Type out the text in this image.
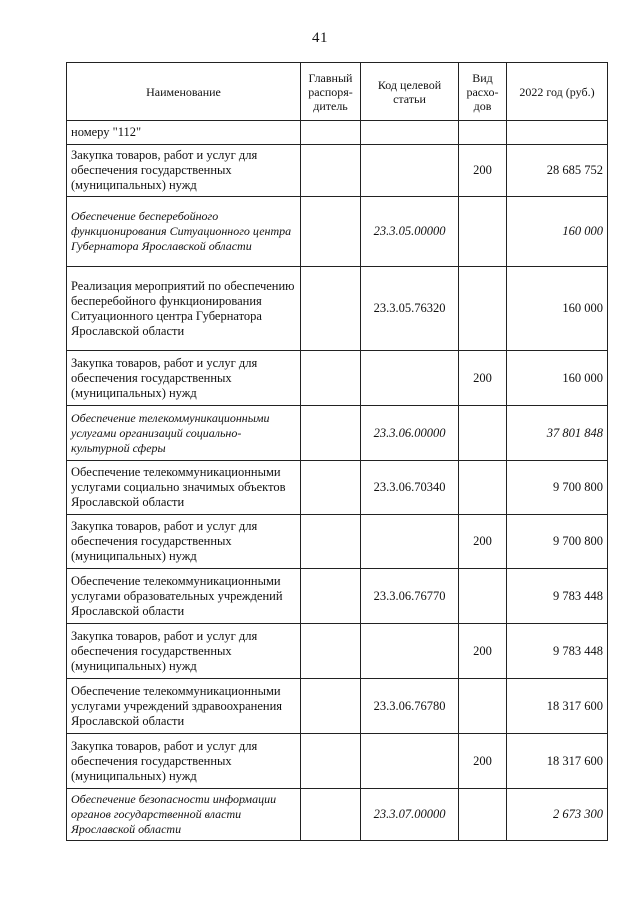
41
Наименование	Главный распоря-дитель	Код целевой статьи	Вид расхо-дов	2022 год (руб.)
номеру "112"				
Закупка товаров, работ и услуг для обеспечения государственных (муниципальных) нужд			200	28 685 752
Обеспечение бесперебойного функционирования Ситуационного центра Губернатора Ярославской области		23.3.05.00000		160 000
Реализация мероприятий по обеспечению бесперебойного функционирования Ситуационного центра Губернатора Ярославской области		23.3.05.76320		160 000
Закупка товаров, работ и услуг для обеспечения государственных (муниципальных) нужд			200	160 000
Обеспечение телекоммуникационными услугами организаций социально-культурной сферы		23.3.06.00000		37 801 848
Обеспечение телекоммуникационными услугами социально значимых объектов Ярославской области		23.3.06.70340		9 700 800
Закупка товаров, работ и услуг для обеспечения государственных (муниципальных) нужд			200	9 700 800
Обеспечение телекоммуникационными услугами образовательных учреждений Ярославской области		23.3.06.76770		9 783 448
Закупка товаров, работ и услуг для обеспечения государственных (муниципальных) нужд			200	9 783 448
Обеспечение телекоммуникационными услугами учреждений здравоохранения Ярославской области		23.3.06.76780		18 317 600
Закупка товаров, работ и услуг для обеспечения государственных (муниципальных) нужд			200	18 317 600
Обеспечение безопасности информации органов государственной власти Ярославской области		23.3.07.00000		2 673 300
